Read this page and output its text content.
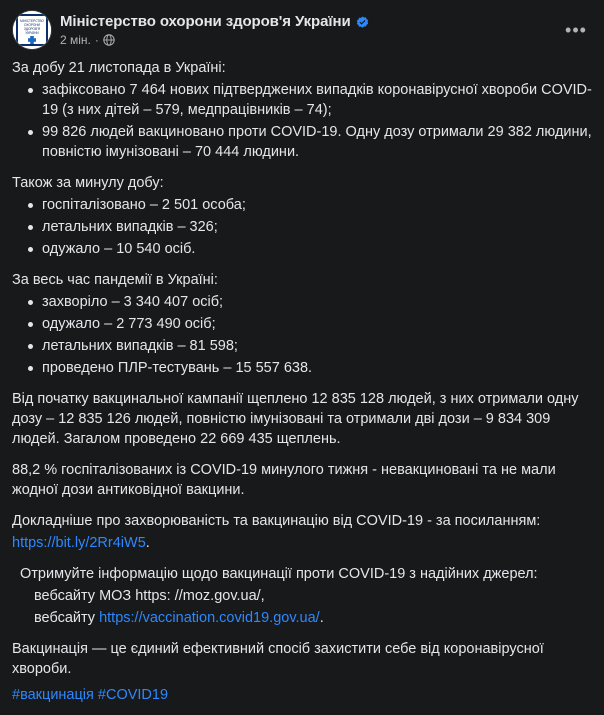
МІНІСТЕРСТВО
ОХОРОНИ
ЗДОРОВ'Я
УКРАЇНИ
Міністерство охорони здоров'я України
2 мін. ·	•••

За добу 21 листопада в Україні:

зафіксовано 7 464 нових підтверджених випадків коронавірусної хвороби COVID-19 (з них дітей – 579, медпрацівників – 74);
99 826 людей вакциновано проти COVID-19. Одну дозу отримали 29 382 людини, повністю імунізовані – 70 444 людини.

Також за минулу добу:

госпіталізовано – 2 501 особа;
летальних випадків – 326;
одужало – 10 540 осіб.

За весь час пандемії в Україні:

захворіло – 3 340 407 осіб;
одужало – 2 773 490 осіб;
летальних випадків – 81 598;
проведено ПЛР-тестувань – 15 557 638.

Від початку вакцинальної кампанії щеплено 12 835 128 людей, з них отримали одну дозу – 12 835 126 людей, повністю імунізовані та отримали дві дози – 9 834 309 людей. Загалом проведено 22 669 435 щеплень.

88,2 % госпіталізованих із COVID-19 минулого тижня - невакциновані та не мали жодної дози антиковідної вакцини.

Докладніше про захворюваність та вакцинацію від COVID-19 - за посиланням:

https://bit.ly/2Rr4iW5.

Отримуйте інформацію щодо вакцинації проти COVID-19 з надійних джерел:

вебсайту МОЗ https: //moz.gov.ua/,

вебсайту https://vaccination.covid19.gov.ua/.

Вакцинація — це єдиний ефективний спосіб захистити себе від коронавірусної хвороби.

#вакцинація #COVID19
